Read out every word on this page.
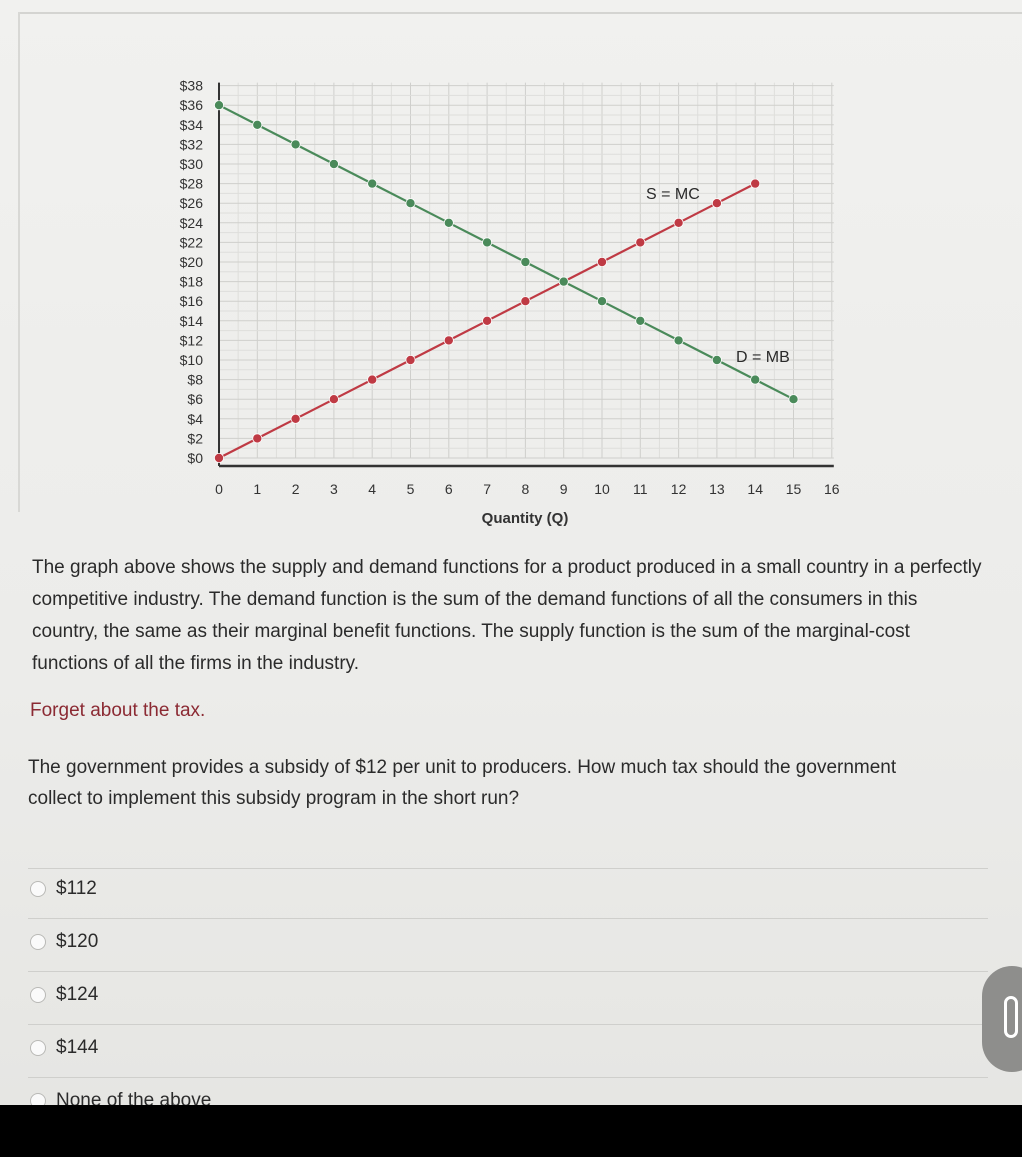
$0
$2
$4
$6
$8
$10
$12
$14
$16
$18
$20
$22
$24
$26
$28
$30
$32
$34
$36
$38
0 1 2 3 4 5 6 7 8 9 10 11 12 13 14 15 16
Quantity (Q)
S = MC
D = MB

The graph above shows the supply and demand functions for a product produced in a small country in a perfectly competitive industry. The demand function is the sum of the demand functions of all the consumers in this country, the same as their marginal benefit functions. The supply function is the sum of the marginal-cost functions of all the firms in the industry.

Forget about the tax.
The government provides a subsidy of $12 per unit to producers. How much tax should the government collect to implement this subsidy program in the short run?
$112
$120
$124
$144
None of the above
